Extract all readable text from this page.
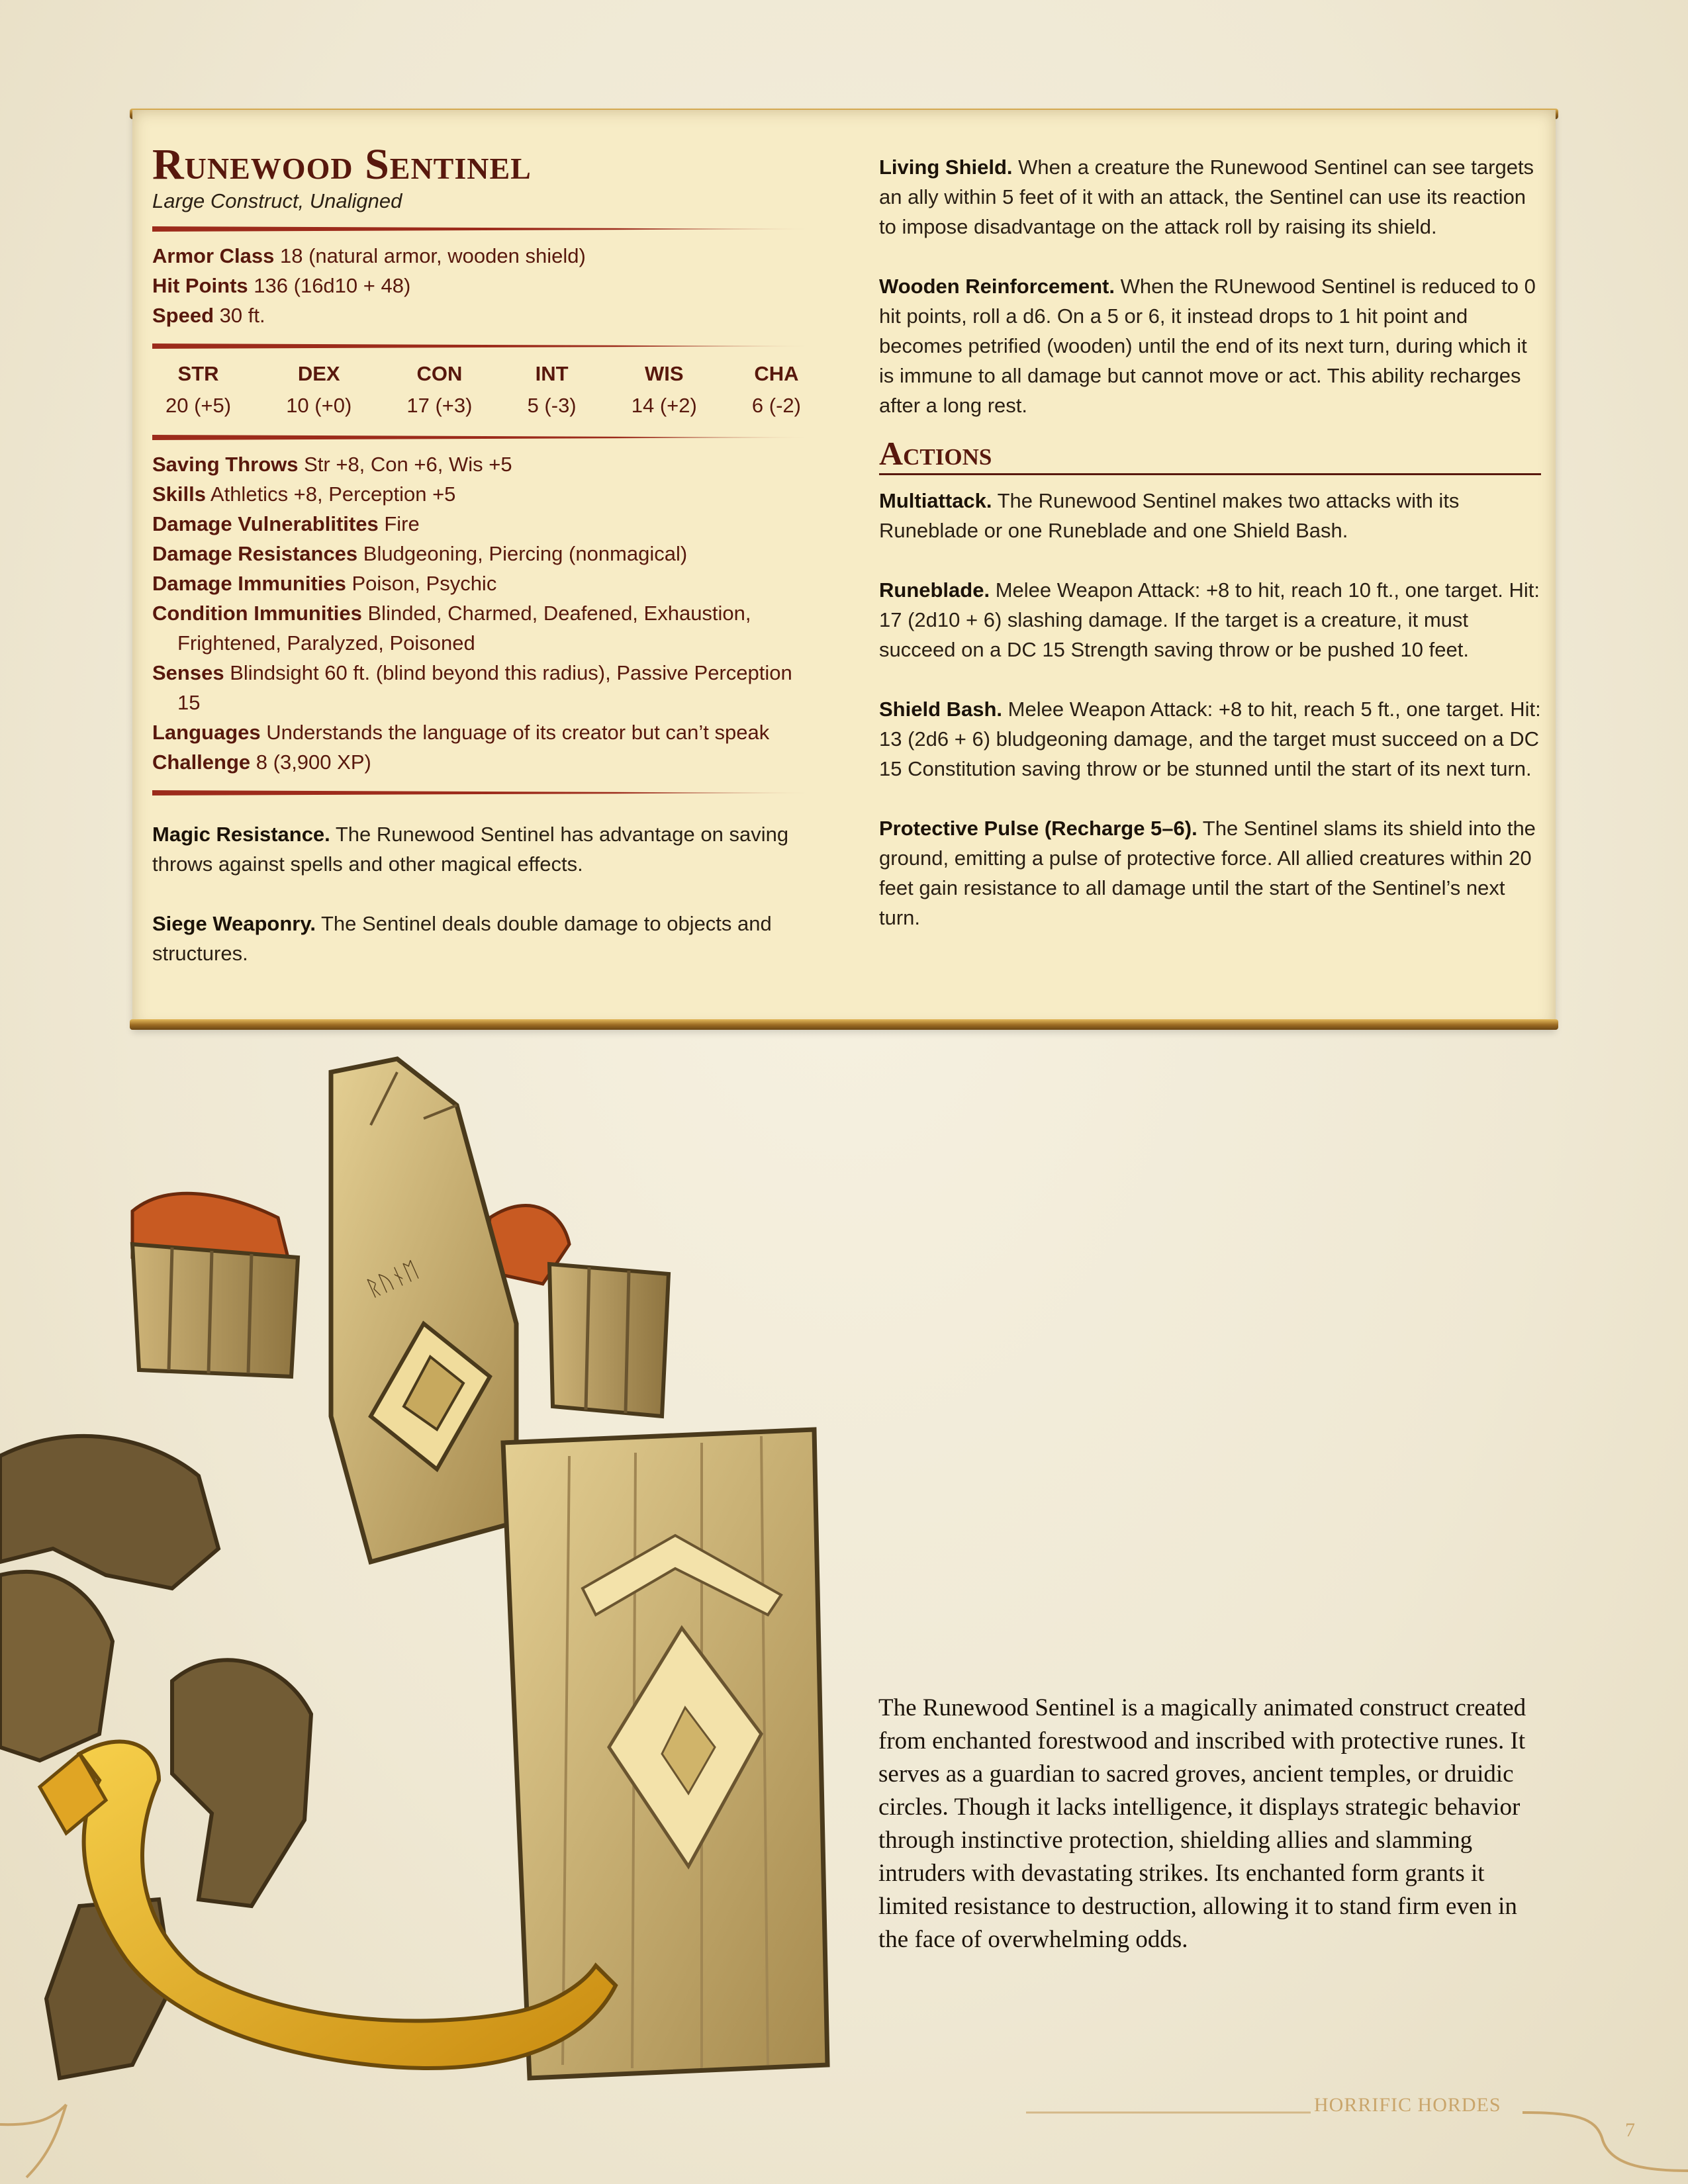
Runewood Sentinel
Large Construct, Unaligned
Armor Class 18 (natural armor, wooden shield)
Hit Points 136 (16d10 + 48)
Speed 30 ft.
STR
20 (+5)
DEX
10 (+0)
CON
17 (+3)
INT
5 (-3)
WIS
14 (+2)
CHA
6 (-2)
Saving Throws Str +8, Con +6, Wis +5
Skills Athletics +8, Perception +5
Damage Vulnerablitites Fire
Damage Resistances Bludgeoning, Piercing (nonmagical)
Damage Immunities Poison, Psychic
Condition Immunities Blinded, Charmed, Deafened, Exhaustion, Frightened, Paralyzed, Poisoned
Senses Blindsight 60 ft. (blind beyond this radius), Passive Perception 15
Languages Understands the language of its creator but can’t speak
Challenge 8 (3,900 XP)

Magic Resistance. The Runewood Sentinel has advantage on saving throws against spells and other magical effects.

Siege Weaponry. The Sentinel deals double damage to objects and structures.

Living Shield. When a creature the Runewood Sentinel can see targets an ally within 5 feet of it with an attack, the Sentinel can use its reaction to impose disadvantage on the attack roll by raising its shield.

Wooden Reinforcement. When the RUnewood Sentinel is reduced to 0 hit points, roll a d6. On a 5 or 6, it instead drops to 1 hit point and becomes petrified (wooden) until the end of its next turn, during which it is immune to all damage but cannot move or act. This ability recharges after a long rest.

Actions

Multiattack. The Runewood Sentinel makes two attacks with its Runeblade or one Runeblade and one Shield Bash.

Runeblade. Melee Weapon Attack: +8 to hit, reach 10 ft., one target. Hit: 17 (2d10 + 6) slashing damage. If the target is a creature, it must succeed on a DC 15 Strength saving throw or be pushed 10 feet.

Shield Bash. Melee Weapon Attack: +8 to hit, reach 5 ft., one target. Hit: 13 (2d6 + 6) bludgeoning damage, and the target must succeed on a DC 15 Constitution saving throw or be stunned until the start of its next turn.

Protective Pulse (Recharge 5–6). The Sentinel slams its shield into the ground, emitting a pulse of protective force. All allied creatures within 20 feet gain resistance to all damage until the start of the Sentinel’s next turn.

ᚱᚢᚾᛖ
The Runewood Sentinel is a magically animated construct created from enchanted forestwood and inscribed with protective runes. It serves as a guardian to sacred groves, ancient temples, or druidic circles. Though it lacks intelligence, it displays strategic behavior through instinctive protection, shielding allies and slamming intruders with devastating strikes. Its enchanted form grants it limited resistance to destruction, allowing it to stand firm even in the face of overwhelming odds.
HORRIFIC HORDES
7
